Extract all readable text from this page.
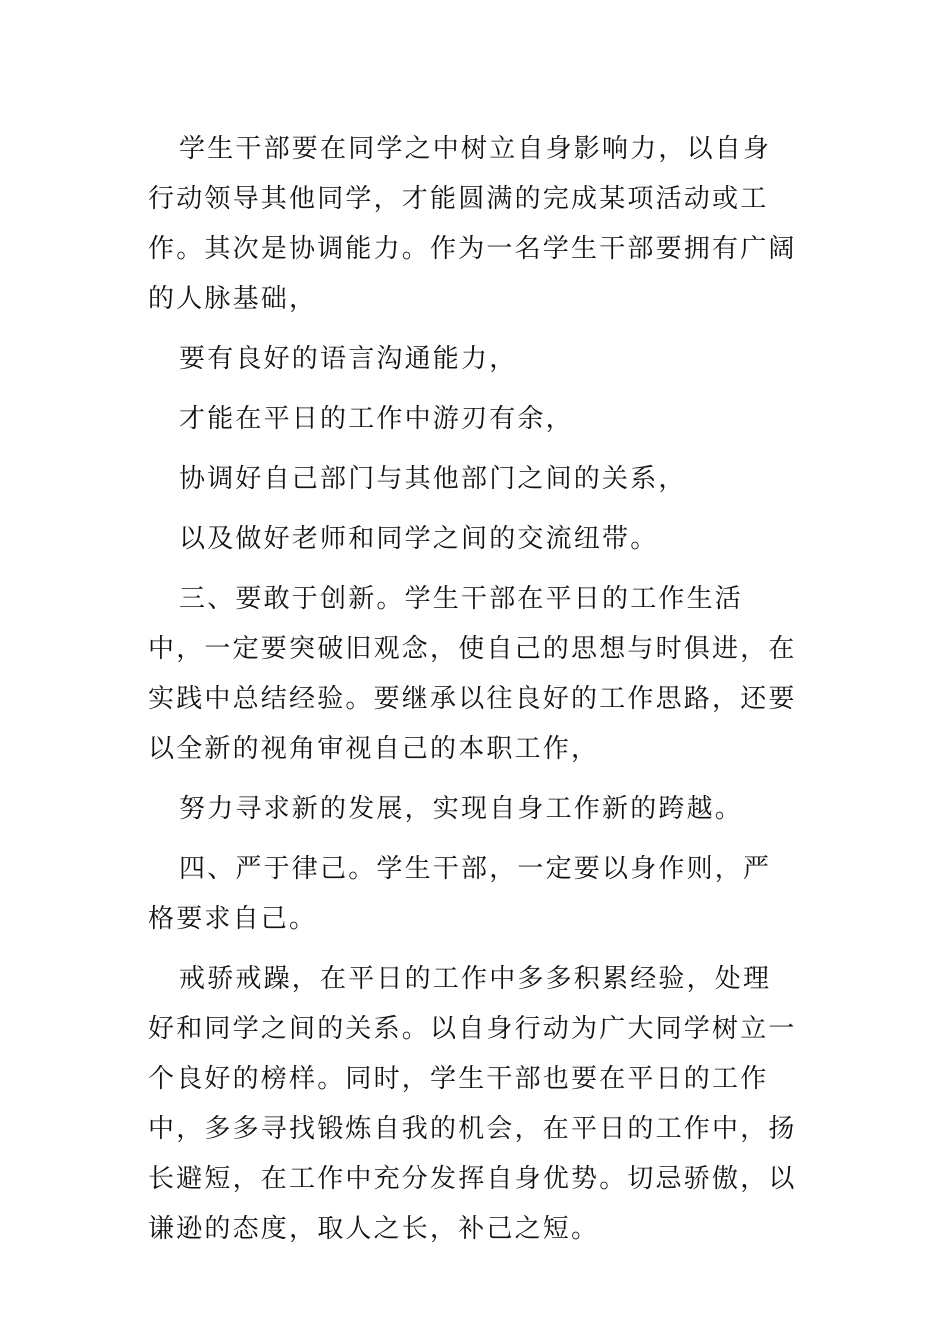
学生干部要在同学之中树立自身影响力，以自身行动领导其他同学，才能圆满的完成某项活动或工作。其次是协调能力。作为一名学生干部要拥有广阔的人脉基础，

要有良好的语言沟通能力，

才能在平日的工作中游刃有余，

协调好自己部门与其他部门之间的关系，

以及做好老师和同学之间的交流纽带。

三、要敢于创新。学生干部在平日的工作生活中，一定要突破旧观念，使自己的思想与时俱进，在实践中总结经验。要继承以往良好的工作思路，还要以全新的视角审视自己的本职工作，

努力寻求新的发展，实现自身工作新的跨越。

四、严于律己。学生干部，一定要以身作则，严格要求自己。

戒骄戒躁，在平日的工作中多多积累经验，处理好和同学之间的关系。以自身行动为广大同学树立一个良好的榜样。同时，学生干部也要在平日的工作中，多多寻找锻炼自我的机会，在平日的工作中，扬长避短，在工作中充分发挥自身优势。切忌骄傲，以谦逊的态度，取人之长，补己之短。
